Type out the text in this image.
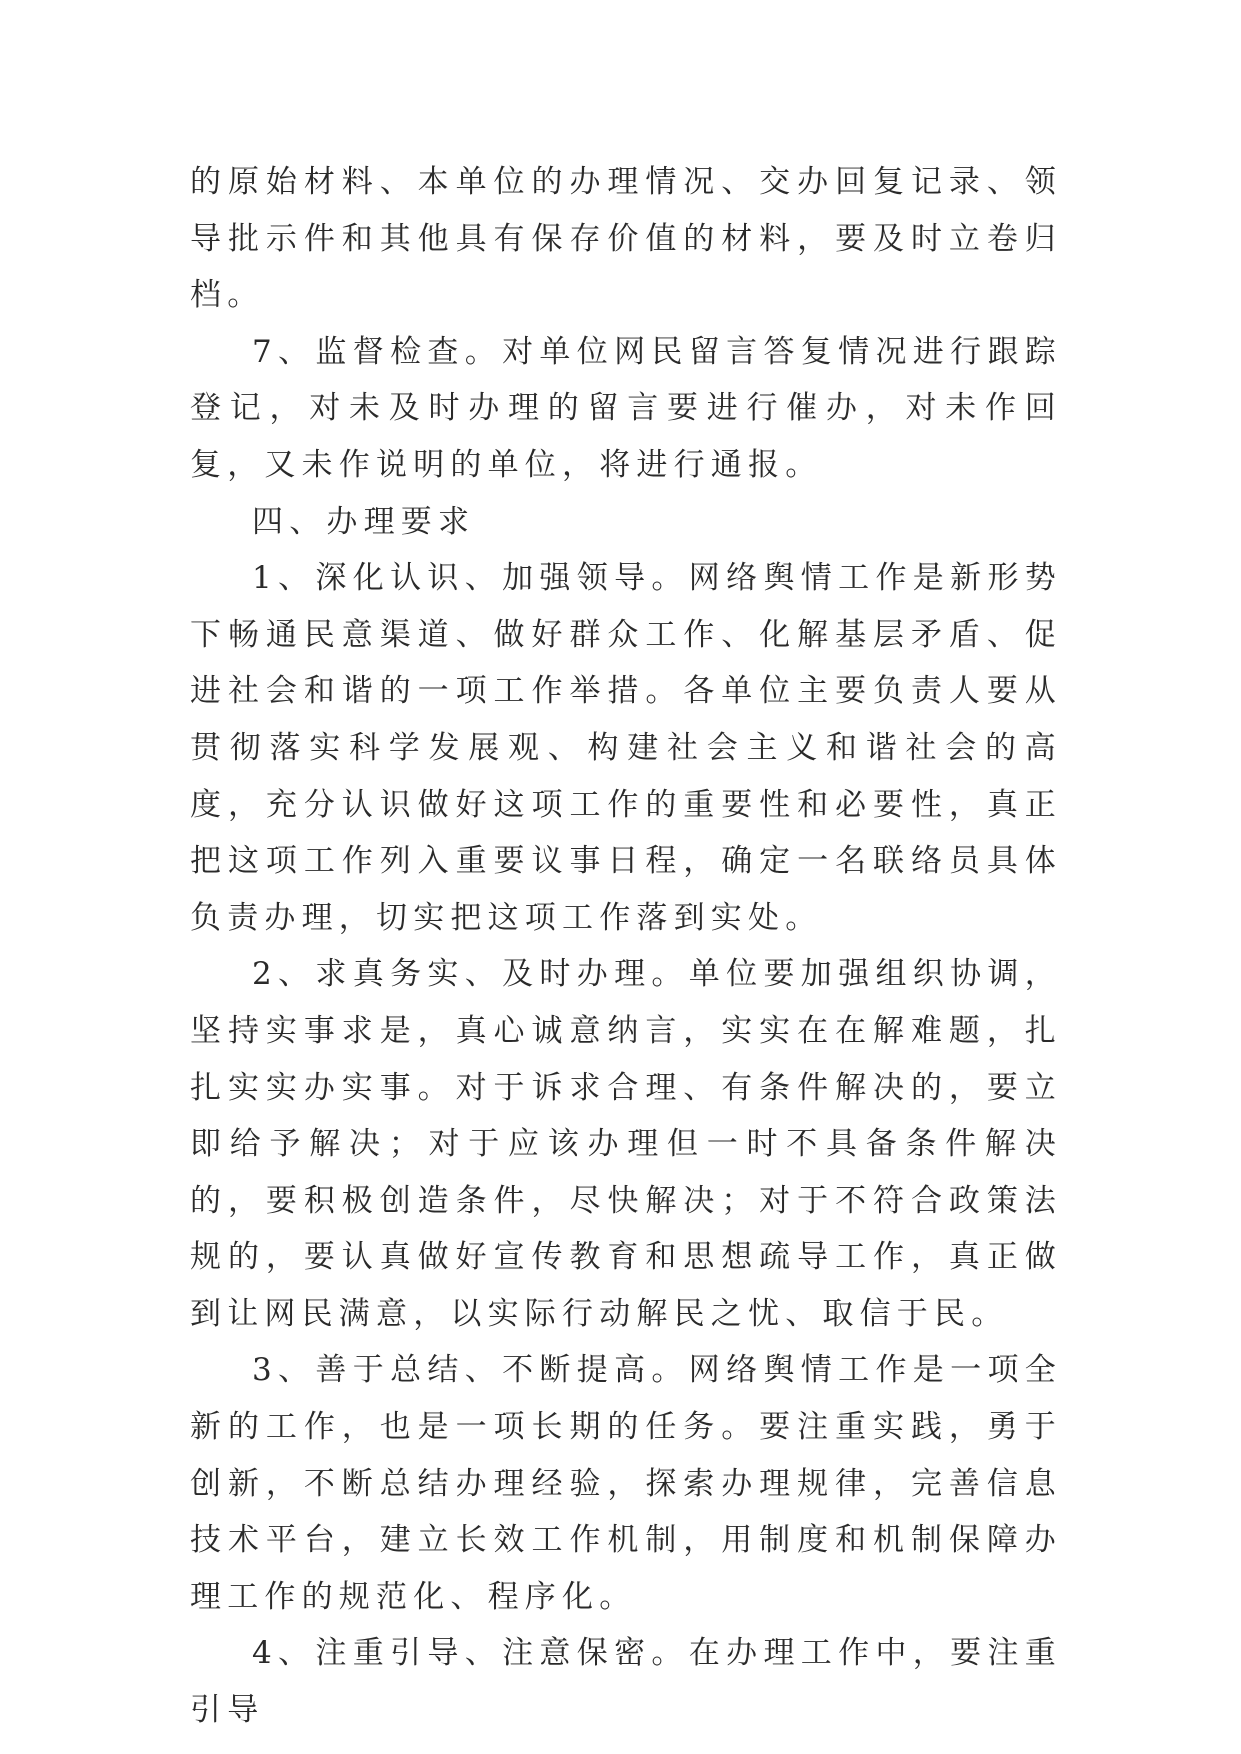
的原始材料、本单位的办理情况、交办回复记录、领导批示件和其他具有保存价值的材料，要及时立卷归档。

7、监督检查。对单位网民留言答复情况进行跟踪登记，对未及时办理的留言要进行催办，对未作回复，又未作说明的单位，将进行通报。

四、办理要求

1、深化认识、加强领导。网络舆情工作是新形势下畅通民意渠道、做好群众工作、化解基层矛盾、促进社会和谐的一项工作举措。各单位主要负责人要从贯彻落实科学发展观、构建社会主义和谐社会的高度，充分认识做好这项工作的重要性和必要性，真正把这项工作列入重要议事日程，确定一名联络员具体负责办理，切实把这项工作落到实处。

2、求真务实、及时办理。单位要加强组织协调，坚持实事求是，真心诚意纳言，实实在在解难题，扎扎实实办实事。对于诉求合理、有条件解决的，要立即给予解决；对于应该办理但一时不具备条件解决的，要积极创造条件，尽快解决；对于不符合政策法规的，要认真做好宣传教育和思想疏导工作，真正做到让网民满意，以实际行动解民之忧、取信于民。

3、善于总结、不断提高。网络舆情工作是一项全新的工作，也是一项长期的任务。要注重实践，勇于创新，不断总结办理经验，探索办理规律，完善信息技术平台，建立长效工作机制，用制度和机制保障办理工作的规范化、程序化。

4、注重引导、注意保密。在办理工作中，要注重引导
